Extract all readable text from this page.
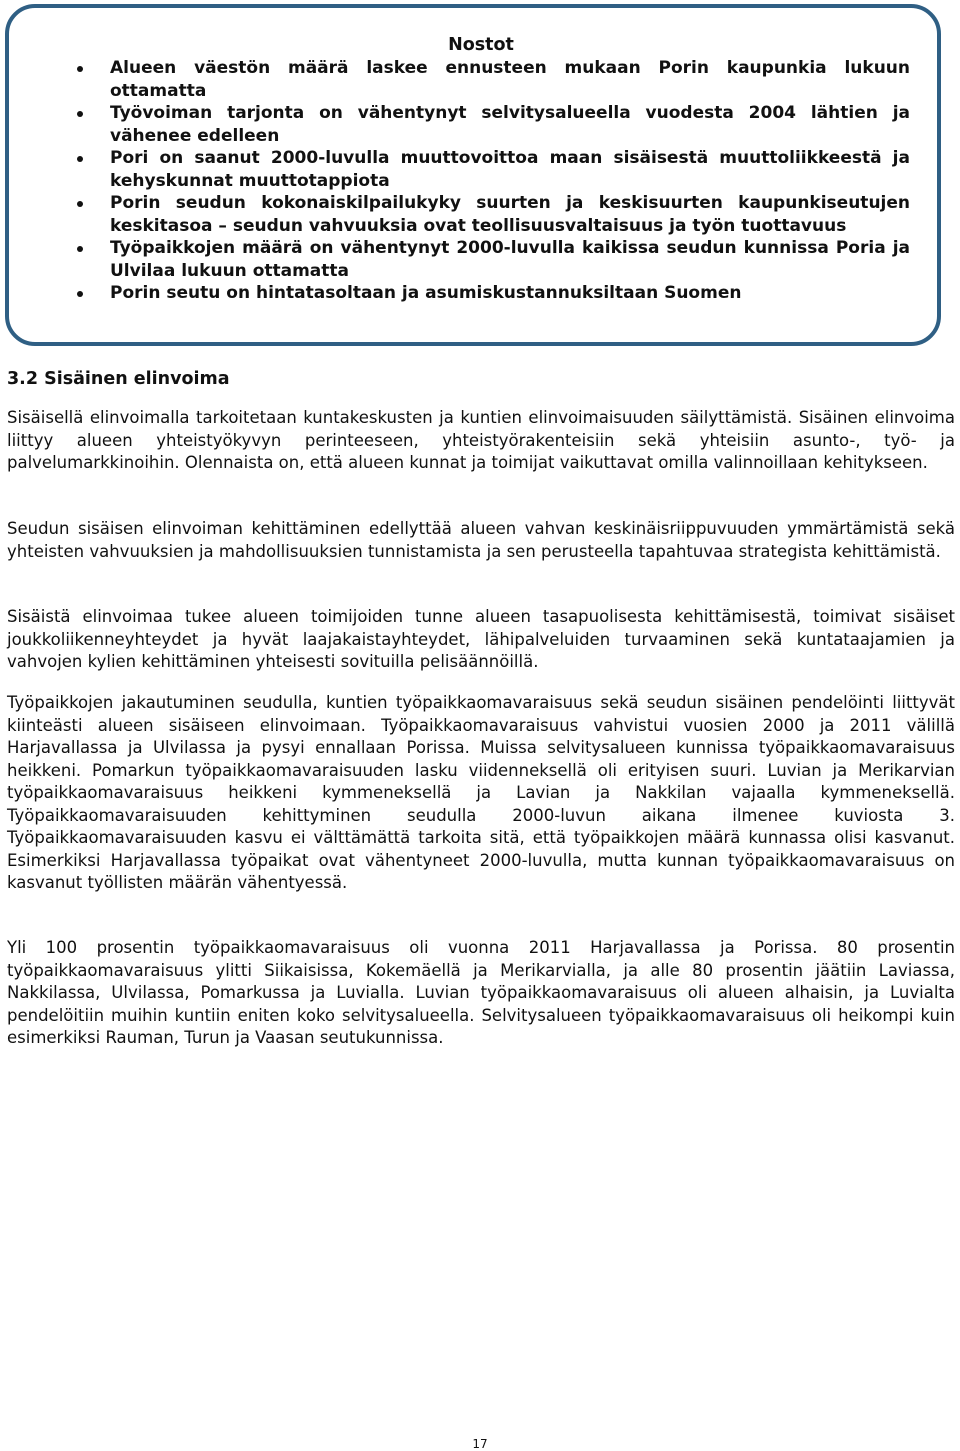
Nostot
Alueen väestön määrä laskee ennusteen mukaan Porin kaupunkia lukuun ottamatta
Työvoiman tarjonta on vähentynyt selvitysalueella vuodesta 2004 lähtien ja vähenee edelleen
Pori on saanut 2000-luvulla muuttovoittoa maan sisäisestä muuttoliikkeestä ja kehyskunnat muuttotappiota
Porin seudun kokonaiskilpailukyky suurten ja keskisuurten kaupunkiseutujen keskitasoa – seudun vahvuuksia ovat teollisuusvaltaisuus ja työn tuottavuus
Työpaikkojen määrä on vähentynyt 2000-luvulla kaikissa seudun kunnissa Poria ja Ulvilaa lukuun ottamatta
Porin seutu on hintatasoltaan ja asumiskustannuksiltaan Suomen
3.2 Sisäinen elinvoima

Sisäisellä elinvoimalla tarkoitetaan kuntakeskusten ja kuntien elinvoimaisuuden säilyttämistä. Sisäinen elinvoima liittyy alueen yhteistyökyvyn perinteeseen, yhteistyörakenteisiin sekä yhteisiin asunto-, työ- ja palvelumarkkinoihin. Olennaista on, että alueen kunnat ja toimijat vaikuttavat omilla valinnoillaan kehitykseen.

Seudun sisäisen elinvoiman kehittäminen edellyttää alueen vahvan keskinäisriippuvuuden ymmärtämistä sekä yhteisten vahvuuksien ja mahdollisuuksien tunnistamista ja sen perusteella tapahtuvaa strategista kehittämistä.

Sisäistä elinvoimaa tukee alueen toimijoiden tunne alueen tasapuolisesta kehittämisestä, toimivat sisäiset joukkoliikenneyhteydet ja hyvät laajakaistayhteydet, lähipalveluiden turvaaminen sekä kuntataajamien ja vahvojen kylien kehittäminen yhteisesti sovituilla pelisäännöillä.

Työpaikkojen jakautuminen seudulla, kuntien työpaikkaomavaraisuus sekä seudun sisäinen pendelöinti liittyvät kiinteästi alueen sisäiseen elinvoimaan. Työpaikkaomavaraisuus vahvistui vuosien 2000 ja 2011 välillä Harjavallassa ja Ulvilassa ja pysyi ennallaan Porissa. Muissa selvitysalueen kunnissa työpaikkaomavaraisuus heikkeni. Pomarkun työpaikkaomavaraisuuden lasku viidenneksellä oli erityisen suuri. Luvian ja Merikarvian työpaikkaomavaraisuus heikkeni kymmeneksellä ja Lavian ja Nakkilan vajaalla kymmeneksellä. Työpaikkaomavaraisuuden kehittyminen seudulla 2000-luvun aikana ilmenee kuviosta 3. Työpaikkaomavaraisuuden kasvu ei välttämättä tarkoita sitä, että työpaikkojen määrä kunnassa olisi kasvanut. Esimerkiksi Harjavallassa työpaikat ovat vähentyneet 2000-luvulla, mutta kunnan työpaikkaomavaraisuus on kasvanut työllisten määrän vähentyessä.

Yli 100 prosentin työpaikkaomavaraisuus oli vuonna 2011 Harjavallassa ja Porissa. 80 prosentin työpaikkaomavaraisuus ylitti Siikaisissa, Kokemäellä ja Merikarvialla, ja alle 80 prosentin jäätiin Laviassa, Nakkilassa, Ulvilassa, Pomarkussa ja Luvialla. Luvian työpaikkaomavaraisuus oli alueen alhaisin, ja Luvialta pendelöitiin muihin kuntiin eniten koko selvitysalueella. Selvitysalueen työpaikkaomavaraisuus oli heikompi kuin esimerkiksi Rauman, Turun ja Vaasan seutukunnissa.

17
